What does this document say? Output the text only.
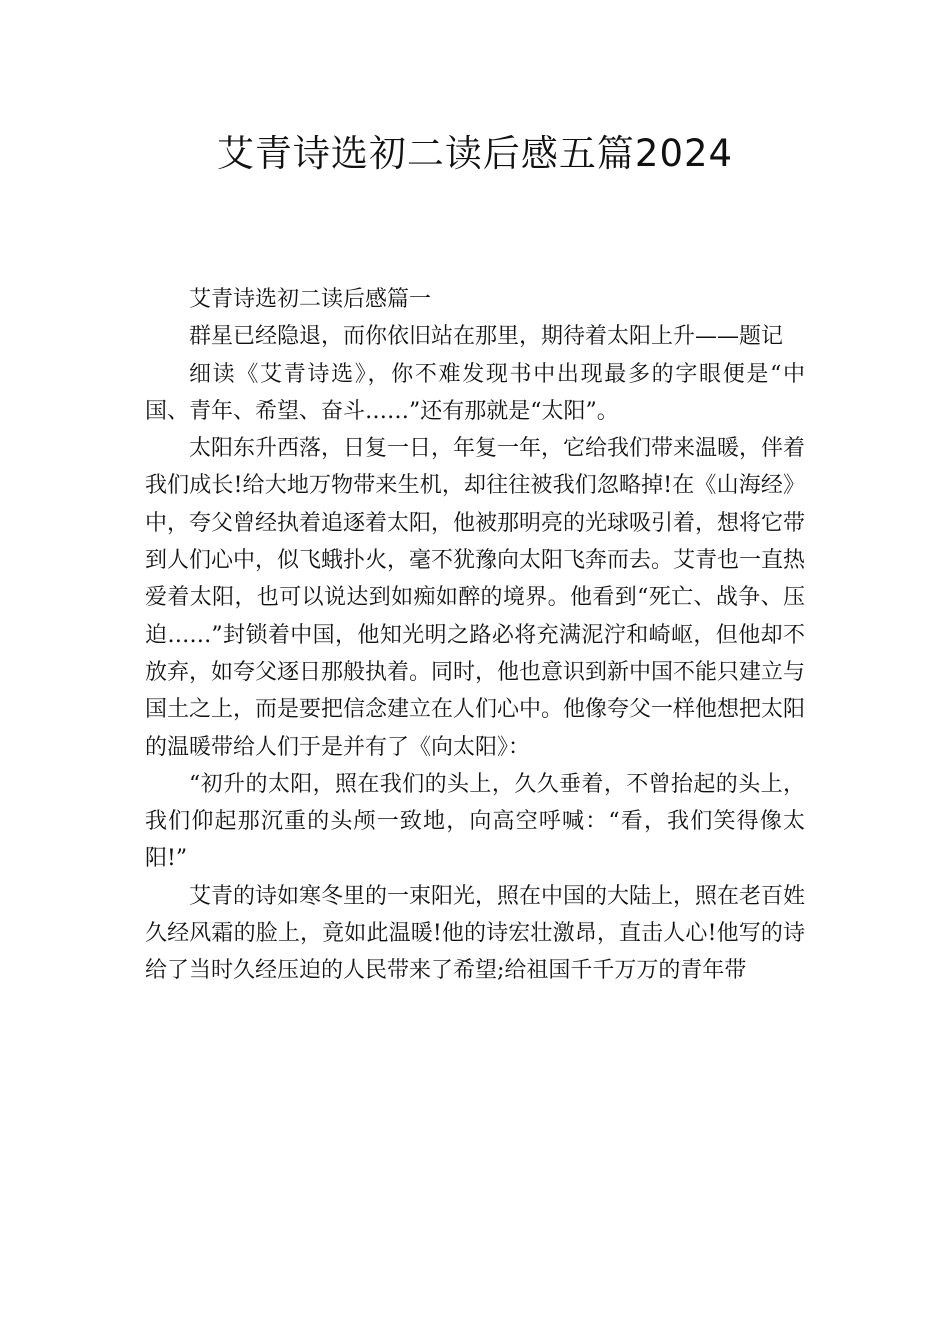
艾青诗选初二读后感五篇2024

艾青诗选初二读后感篇一

群星已经隐退，而你依旧站在那里，期待着太阳上升——题记

细读《艾青诗选》，你不难发现书中出现最多的字眼便是“中国、青年、希望、奋斗……”还有那就是“太阳”。

太阳东升西落，日复一日，年复一年，它给我们带来温暖，伴着我们成长!给大地万物带来生机，却往往被我们忽略掉!在《山海经》中，夸父曾经执着追逐着太阳，他被那明亮的光球吸引着，想将它带到人们心中，似飞蛾扑火，毫不犹豫向太阳飞奔而去。艾青也一直热爱着太阳，也可以说达到如痴如醉的境界。他看到“死亡、战争、压迫……”封锁着中国，他知光明之路必将充满泥泞和崎岖，但他却不放弃，如夸父逐日那般执着。同时，他也意识到新中国不能只建立与国土之上，而是要把信念建立在人们心中。他像夸父一样他想把太阳的温暖带给人们于是并有了《向太阳》：

“初升的太阳，照在我们的头上，久久垂着，不曾抬起的头上，我们仰起那沉重的头颅一致地，向高空呼喊：“看，我们笑得像太阳!”

艾青的诗如寒冬里的一束阳光，照在中国的大陆上，照在老百姓久经风霜的脸上，竟如此温暖!他的诗宏壮激昂，直击人心!他写的诗给了当时久经压迫的人民带来了希望;给祖国千千万万的青年带
